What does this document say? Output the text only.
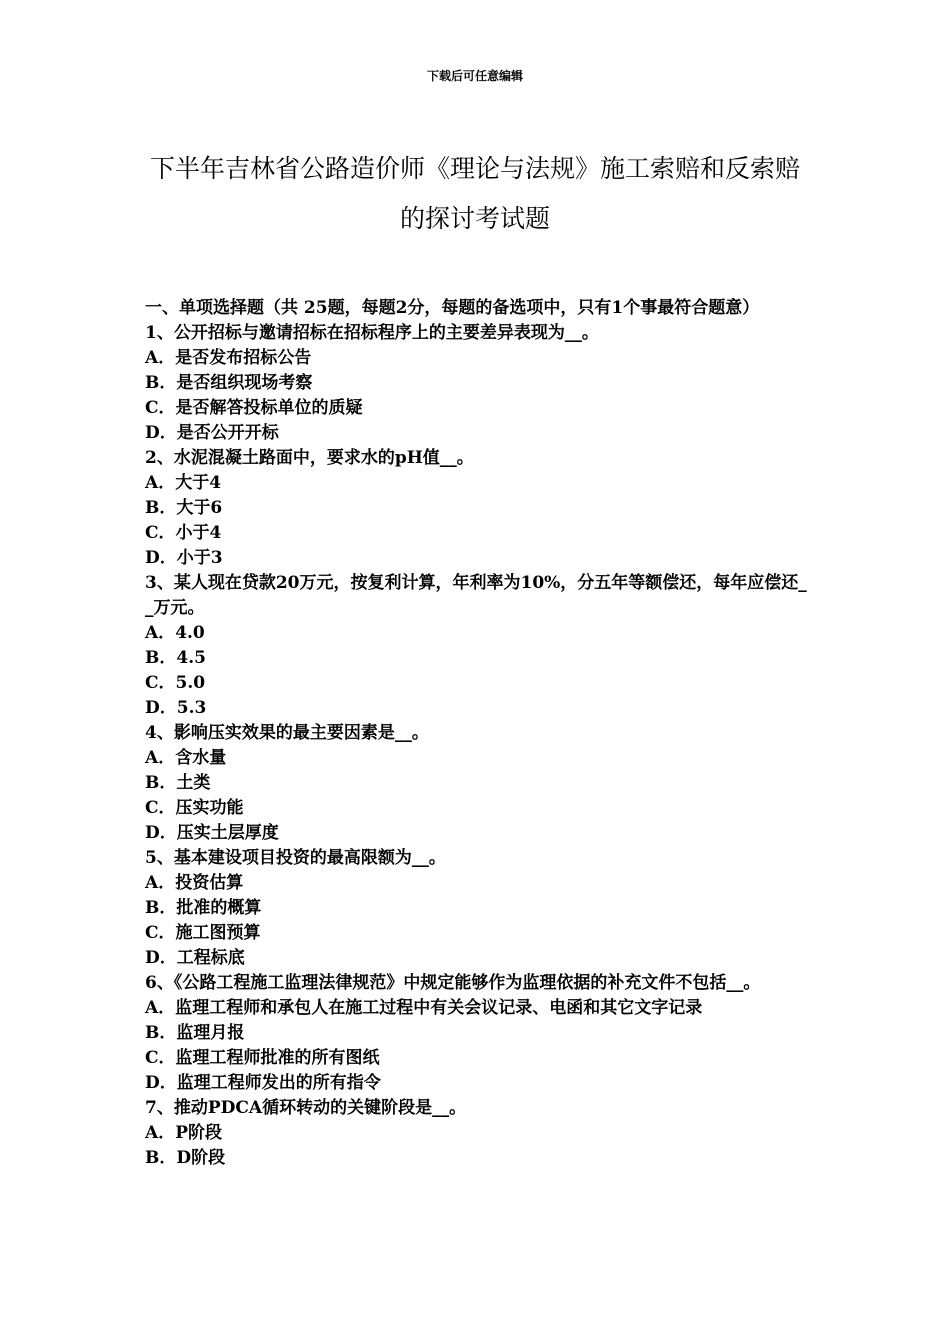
下载后可任意编辑
下半年吉林省公路造价师《理论与法规》施工索赔和反索赔的探讨考试题

一、单项选择题（共 25题，每题2分，每题的备选项中，只有1个事最符合题意）

1、公开招标与邀请招标在招标程序上的主要差异表现为__。

A．是否发布招标公告

B．是否组织现场考察

C．是否解答投标单位的质疑

D．是否公开开标

2、水泥混凝土路面中，要求水的pH值__。

A．大于4

B．大于6

C．小于4

D．小于3

3、某人现在贷款20万元，按复利计算，年利率为10%，分五年等额偿还，每年应偿还__万元。

A．4.0

B．4.5

C．5.0

D．5.3

4、影响压实效果的最主要因素是__。

A．含水量

B．土类

C．压实功能

D．压实土层厚度

5、基本建设项目投资的最高限额为__。

A．投资估算

B．批准的概算

C．施工图预算

D．工程标底

6、《公路工程施工监理法律规范》中规定能够作为监理依据的补充文件不包括__。

A．监理工程师和承包人在施工过程中有关会议记录、电函和其它文字记录

B．监理月报

C．监理工程师批准的所有图纸

D．监理工程师发出的所有指令

7、推动PDCA循环转动的关键阶段是__。

A．P阶段

B．D阶段
